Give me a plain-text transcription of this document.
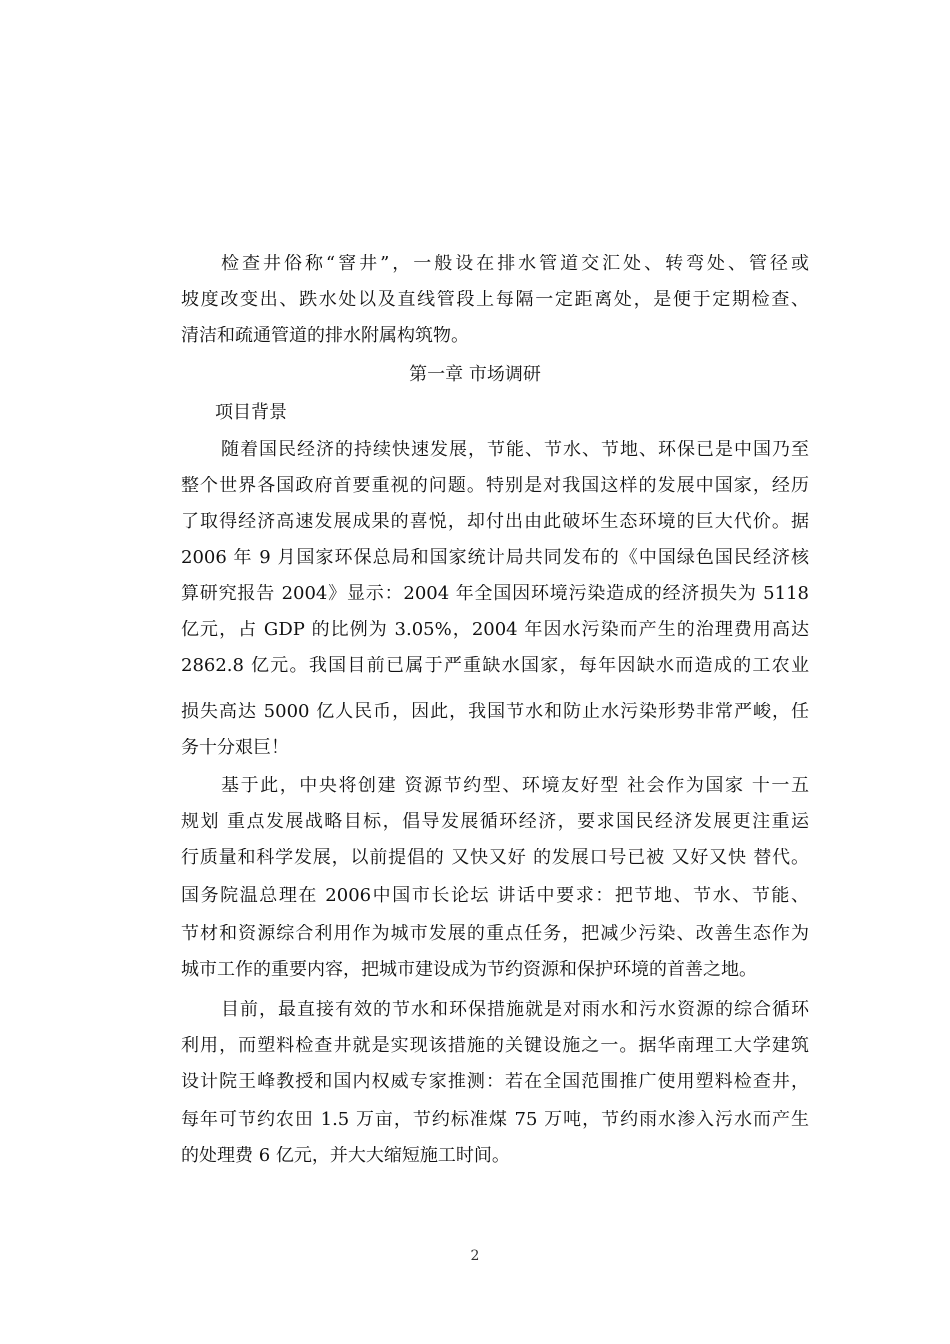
检查井俗称“窨井”，一般设在排水管道交汇处、转弯处、管径或
坡度改变出、跌水处以及直线管段上每隔一定距离处，是便于定期检查、
清洁和疏通管道的排水附属构筑物。
第一章 市场调研
项目背景
随着国民经济的持续快速发展，节能、节水、节地、环保已是中国乃至
整个世界各国政府首要重视的问题。特别是对我国这样的发展中国家，经历
了取得经济高速发展成果的喜悦，却付出由此破坏生态环境的巨大代价。据
2006 年 9 月国家环保总局和国家统计局共同发布的《中国绿色国民经济核
算研究报告 2004》显示：2004 年全国因环境污染造成的经济损失为 5118
亿元，占 GDP 的比例为 3.05%，2004 年因水污染而产生的治理费用高达
2862.8 亿元。我国目前已属于严重缺水国家，每年因缺水而造成的工农业
损失高达 5000 亿人民币，因此，我国节水和防止水污染形势非常严峻，任
务十分艰巨！
基于此，中央将创建 资源节约型、环境友好型 社会作为国家 十一五
规划 重点发展战略目标，倡导发展循环经济，要求国民经济发展更注重运
行质量和科学发展，以前提倡的 又快又好 的发展口号已被 又好又快 替代。
国务院温总理在 2006中国市长论坛 讲话中要求：把节地、节水、节能、
节材和资源综合利用作为城市发展的重点任务，把减少污染、改善生态作为
城市工作的重要内容，把城市建设成为节约资源和保护环境的首善之地。
目前，最直接有效的节水和环保措施就是对雨水和污水资源的综合循环
利用，而塑料检查井就是实现该措施的关键设施之一。据华南理工大学建筑
设计院王峰教授和国内权威专家推测：若在全国范围推广使用塑料检查井，
每年可节约农田 1.5 万亩，节约标准煤 75 万吨，节约雨水渗入污水而产生
的处理费 6 亿元，并大大缩短施工时间。
2
